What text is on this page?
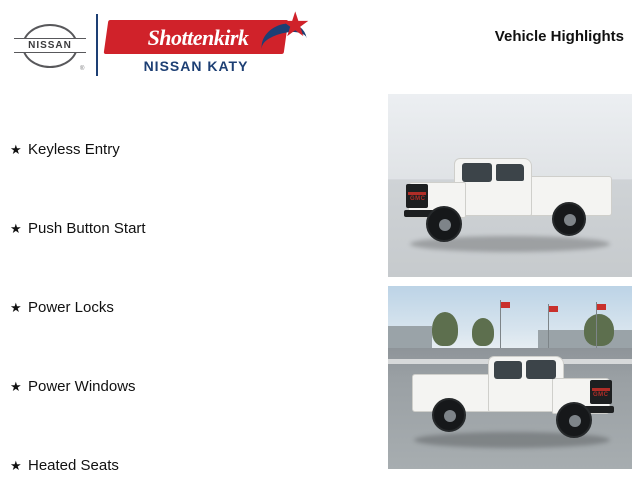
NISSAN
®
Shottenkirk
NISSAN KATY
★	Vehicle Highlights
★ Keyless Entry
★ Push Button Start
★ Power Locks
★ Power Windows
★ Heated Seats
GMC
GMC
